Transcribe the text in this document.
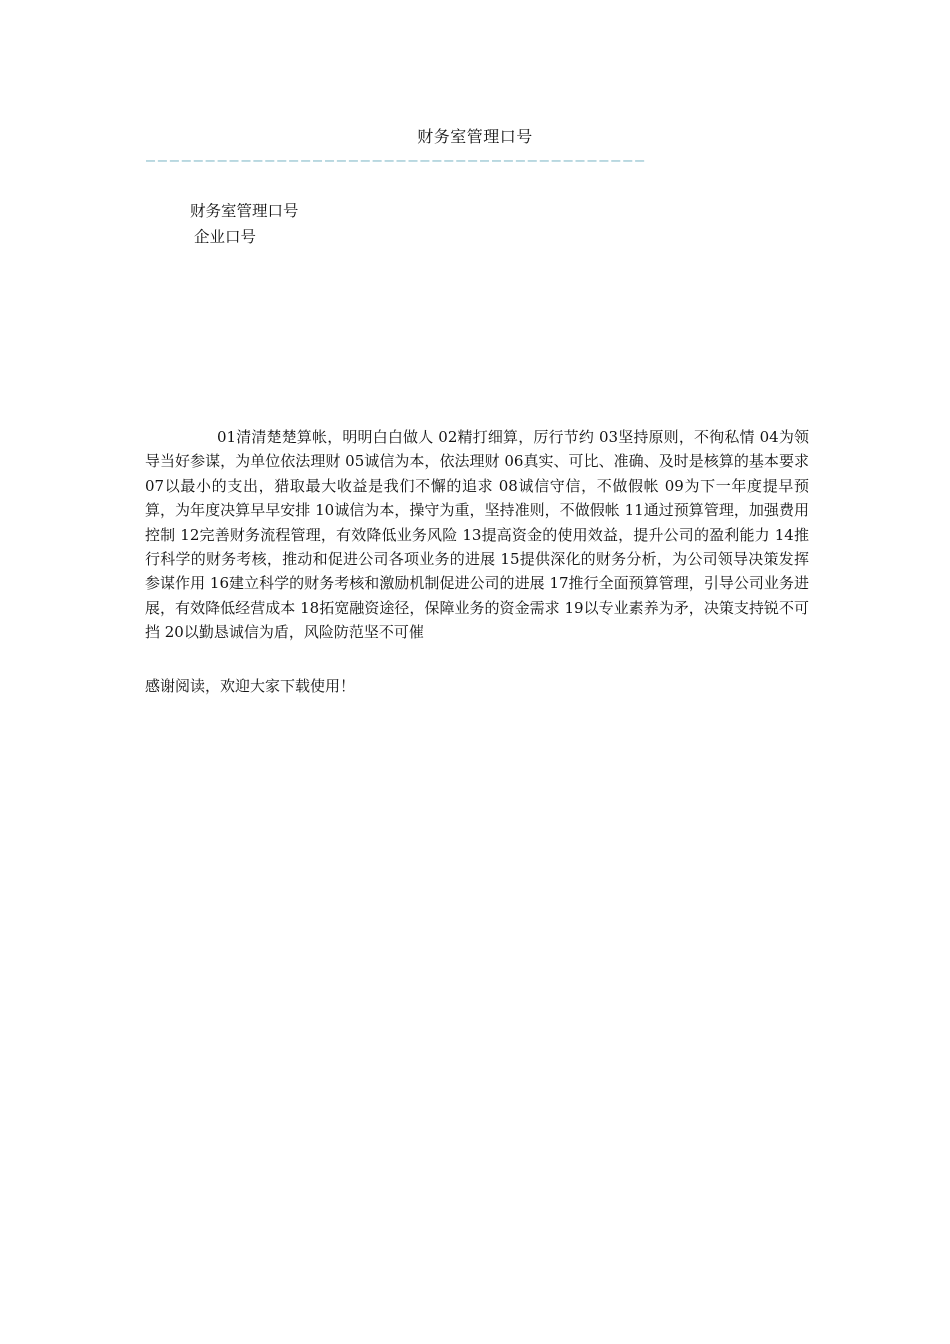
财务室管理口号
——————————————————————————————————————————
财务室管理口号
企业口号

01清清楚楚算帐，明明白白做人 02精打细算，厉行节约 03坚持原则，不徇私情 04为领导当好参谋，为单位依法理财 05诚信为本，依法理财 06真实、可比、准确、及时是核算的基本要求 07以最小的支出，猎取最大收益是我们不懈的追求 08诚信守信，不做假帐 09为下一年度提早预算，为年度决算早早安排 10诚信为本，操守为重，坚持准则，不做假帐 11通过预算管理，加强费用控制 12完善财务流程管理，有效降低业务风险 13提高资金的使用效益，提升公司的盈利能力 14推行科学的财务考核，推动和促进公司各项业务的进展 15提供深化的财务分析，为公司领导决策发挥参谋作用 16建立科学的财务考核和激励机制促进公司的进展 17推行全面预算管理，引导公司业务进展，有效降低经营成本 18拓宽融资途径，保障业务的资金需求 19以专业素养为矛，决策支持锐不可挡 20以勤恳诚信为盾，风险防范坚不可催

感谢阅读，欢迎大家下载使用！
